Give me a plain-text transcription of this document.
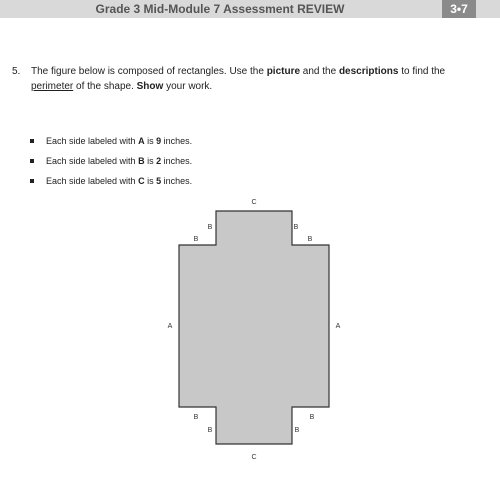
Grade 3 Mid-Module 7 Assessment REVIEW	3•7
5. The figure below is composed of rectangles. Use the picture and the descriptions to find the
perimeter of the shape. Show your work.
Each side labeled with A is 9 inches.
Each side labeled with B is 2 inches.
Each side labeled with C is 5 inches.
C
B
B
B
B
A	A
B
B
B
B
C
